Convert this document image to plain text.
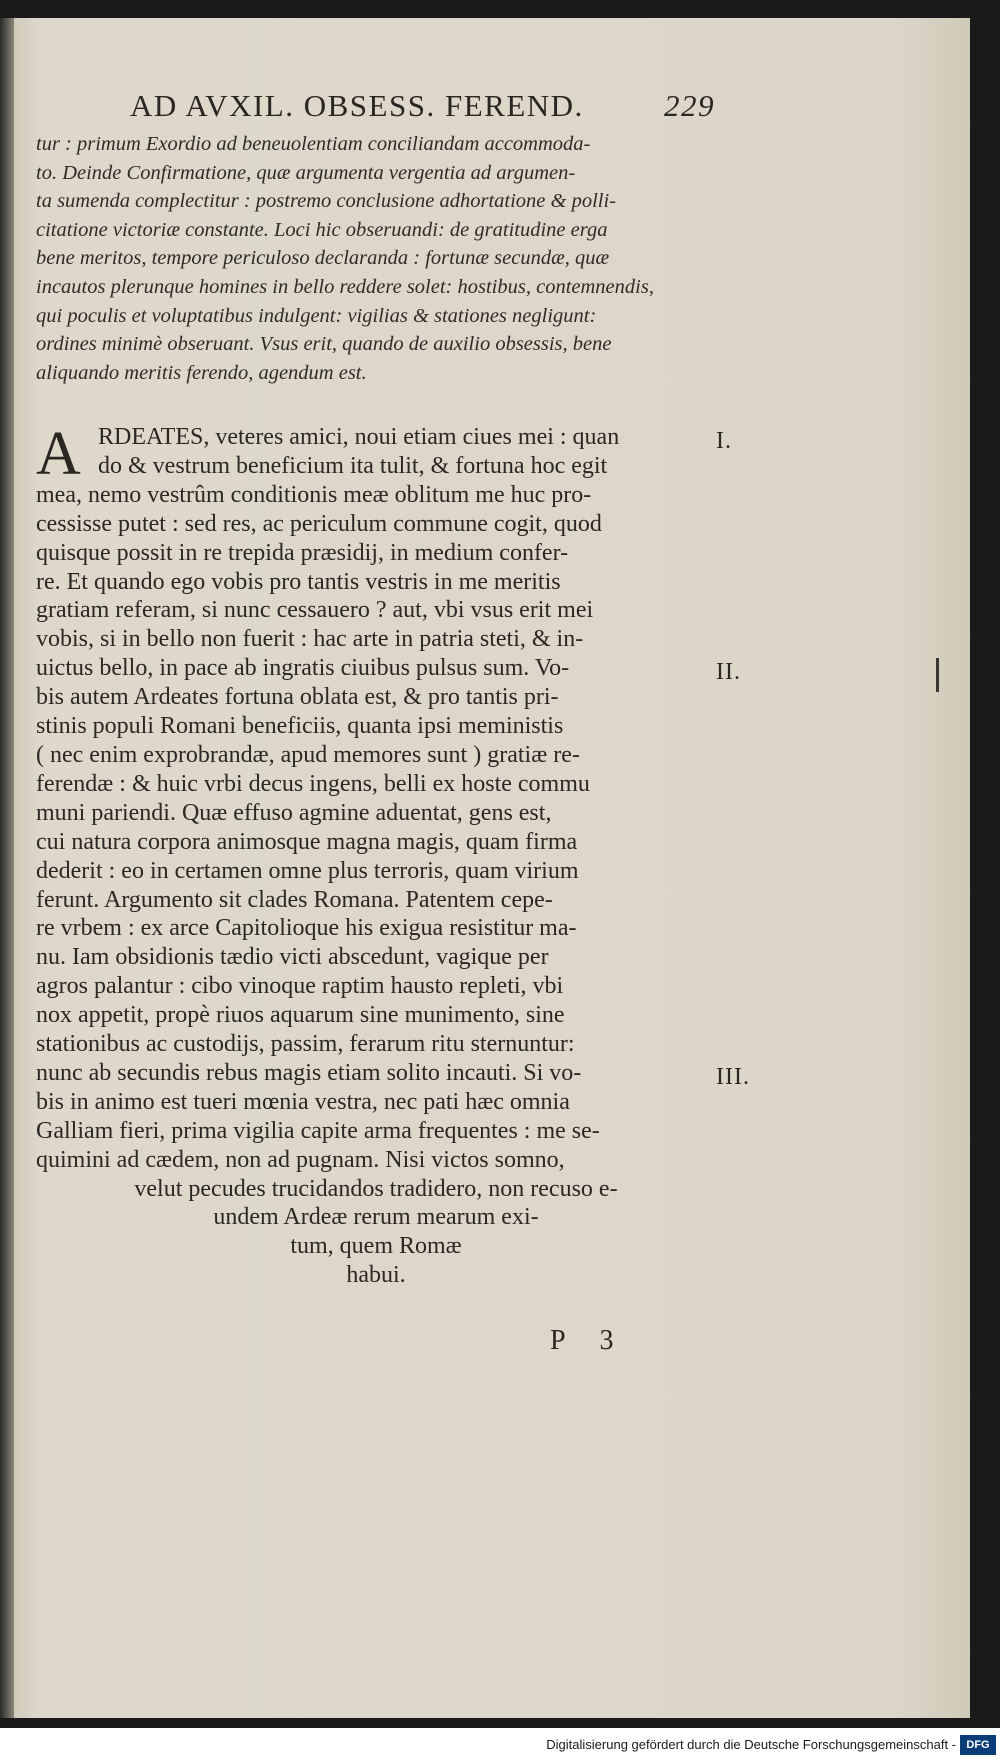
AD AVXIL. OBSESS. FEREND.	229

tur : primum Exordio ad beneuolentiam conciliandam accommoda-

to. Deinde Confirmatione, quæ argumenta vergentia ad argumen-

ta sumenda complectitur : postremo conclusione adhortatione & polli-

citatione victoriæ constante. Loci hic obseruandi: de gratitudine erga

bene meritos, tempore periculoso declaranda : fortunæ secundæ, quæ

incautos plerunque homines in bello reddere solet: hostibus, contemnendis,

qui poculis et voluptatibus indulgent: vigilias & stationes negligunt:

ordines minimè obseruant. Vsus erit, quando de auxilio obsessis, bene

aliquando meritis ferendo, agendum est.

A RDEATES, veteres amici, noui etiam ciues mei : quan

do & vestrum beneficium ita tulit, & fortuna hoc egit

mea, nemo vestrûm conditionis meæ oblitum me huc pro-

cessisse putet : sed res, ac periculum commune cogit, quod

quisque possit in re trepida præsidij, in medium confer-

re. Et quando ego vobis pro tantis vestris in me meritis

gratiam referam, si nunc cessauero ? aut, vbi vsus erit mei

vobis, si in bello non fuerit : hac arte in patria steti, & in-

uictus bello, in pace ab ingratis ciuibus pulsus sum. Vo-

bis autem Ardeates fortuna oblata est, & pro tantis pri-

stinis populi Romani beneficiis, quanta ipsi meministis

( nec enim exprobrandæ, apud memores sunt ) gratiæ re-

ferendæ : & huic vrbi decus ingens, belli ex hoste commu

muni pariendi. Quæ effuso agmine aduentat, gens est,

cui natura corpora animosque magna magis, quam firma

dederit : eo in certamen omne plus terroris, quam virium

ferunt. Argumento sit clades Romana. Patentem cepe-

re vrbem : ex arce Capitolioque his exigua resistitur ma-

nu. Iam obsidionis tædio victi abscedunt, vagique per

agros palantur : cibo vinoque raptim hausto repleti, vbi

nox appetit, propè riuos aquarum sine munimento, sine

stationibus ac custodijs, passim, ferarum ritu sternuntur:

nunc ab secundis rebus magis etiam solito incauti. Si vo-

bis in animo est tueri mœnia vestra, nec pati hæc omnia

Galliam fieri, prima vigilia capite arma frequentes : me se-

quimini ad cædem, non ad pugnam. Nisi victos somno,

velut pecudes trucidandos tradidero, non recuso e-

undem Ardeæ rerum mearum exi-

tum, quem Romæ

habui.

I.
II.
III.
P 3
Digitalisierung gefördert durch die Deutsche Forschungsgemeinschaft - DFG
